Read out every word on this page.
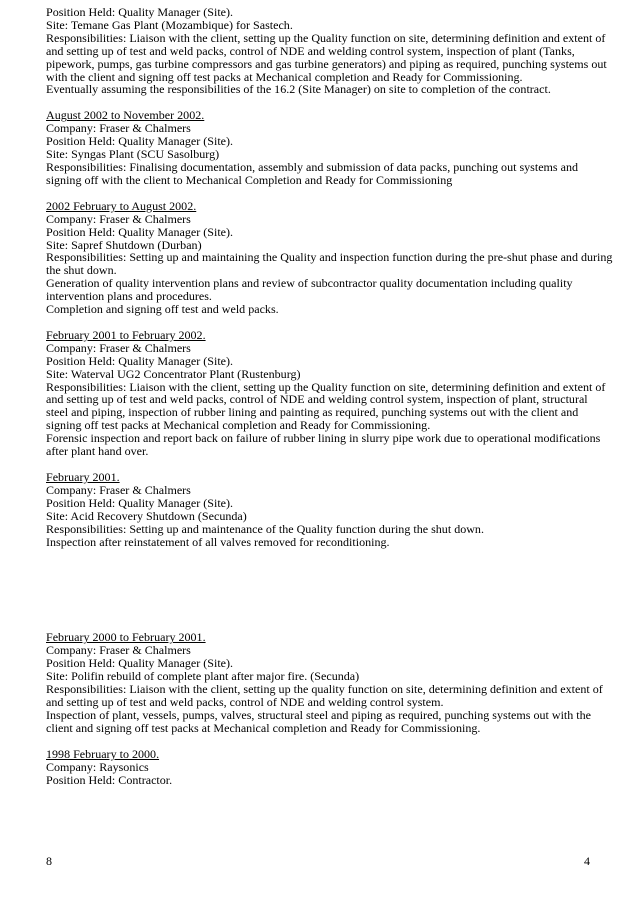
Position Held: Quality Manager (Site).
Site: Temane Gas Plant (Mozambique) for Sastech.
Responsibilities: Liaison with the client, setting up the Quality function on site, determining definition and extent of
and setting up of test and weld packs, control of NDE and welding control system, inspection of plant (Tanks,
pipework, pumps, gas turbine compressors and gas turbine generators) and piping as required, punching systems out
with the client and signing off test packs at Mechanical completion and Ready for Commissioning.
Eventually assuming the responsibilities of the 16.2 (Site Manager) on site to completion of the contract.
August 2002 to November 2002.
Company: Fraser & Chalmers
Position Held: Quality Manager (Site).
Site: Syngas Plant (SCU Sasolburg)
Responsibilities: Finalising documentation, assembly and submission of data packs, punching out systems and
signing off with the client to Mechanical Completion and Ready for Commissioning
2002 February to August 2002.
Company: Fraser & Chalmers
Position Held: Quality Manager (Site).
Site: Sapref Shutdown (Durban)
Responsibilities: Setting up and maintaining the Quality and inspection function during the pre-shut phase and during
the shut down.
Generation of quality intervention plans and review of subcontractor quality documentation including quality
intervention plans and procedures.
Completion and signing off test and weld packs.
February 2001 to February 2002.
Company: Fraser & Chalmers
Position Held: Quality Manager (Site).
Site: Waterval UG2 Concentrator Plant (Rustenburg)
Responsibilities: Liaison with the client, setting up the Quality function on site, determining definition and extent of
and setting up of test and weld packs, control of NDE and welding control system, inspection of plant, structural
steel and piping, inspection of rubber lining and painting as required, punching systems out with the client and
signing off test packs at Mechanical completion and Ready for Commissioning.
Forensic inspection and report back on failure of rubber lining in slurry pipe work due to operational modifications
after plant hand over.
February 2001.
Company: Fraser & Chalmers
Position Held: Quality Manager (Site).
Site: Acid Recovery Shutdown (Secunda)
Responsibilities: Setting up and maintenance of the Quality function during the shut down.
Inspection after reinstatement of all valves removed for reconditioning.
February 2000 to February 2001.
Company: Fraser & Chalmers
Position Held: Quality Manager (Site).
Site: Polifin rebuild of complete plant after major fire. (Secunda)
Responsibilities: Liaison with the client, setting up the quality function on site, determining definition and extent of
and setting up of test and weld packs, control of NDE and welding control system.
Inspection of plant, vessels, pumps, valves, structural steel and piping as required, punching systems out with the
client and signing off test packs at Mechanical completion and Ready for Commissioning.
1998 February to 2000.
Company: Raysonics
Position Held: Contractor.
8	4
